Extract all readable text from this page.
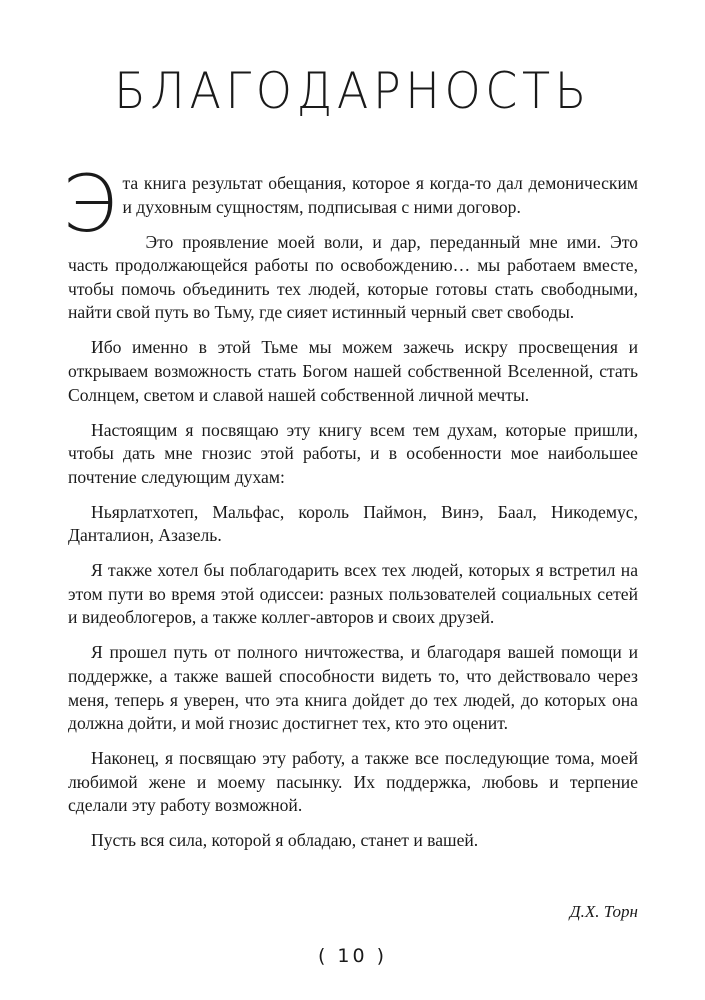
БЛАГОДАРНОСТЬ

Эта книга результат обещания, которое я когда-то дал демоническим и духовным сущностям, подписывая с ними договор.

Это проявление моей воли, и дар, переданный мне ими. Это часть продолжающейся работы по освобождению… мы работаем вместе, чтобы помочь объединить тех людей, которые готовы стать свободными, найти свой путь во Тьму, где сияет истинный черный свет свободы.

Ибо именно в этой Тьме мы можем зажечь искру просвещения и открываем возможность стать Богом нашей собственной Вселенной, стать Солнцем, светом и славой нашей собственной личной мечты.

Настоящим я посвящаю эту книгу всем тем духам, которые пришли, чтобы дать мне гнозис этой работы, и в особенности мое наибольшее почтение следующим духам:

Ньярлатхотеп, Мальфас, король Паймон, Винэ, Баал, Никодемус, Данталион, Азазель.

Я также хотел бы поблагодарить всех тех людей, которых я встретил на этом пути во время этой одиссеи: разных пользователей социальных сетей и видеоблогеров, а также коллег-авторов и своих друзей.

Я прошел путь от полного ничтожества, и благодаря вашей помощи и поддержке, а также вашей способности видеть то, что действовало через меня, теперь я уверен, что эта книга дойдет до тех людей, до которых она должна дойти, и мой гнозис достигнет тех, кто это оценит.

Наконец, я посвящаю эту работу, а также все последующие тома, моей любимой жене и моему пасынку. Их поддержка, любовь и терпение сделали эту работу возможной.

Пусть вся сила, которой я обладаю, станет и вашей.

Д.Х. Торн
( 10 )
